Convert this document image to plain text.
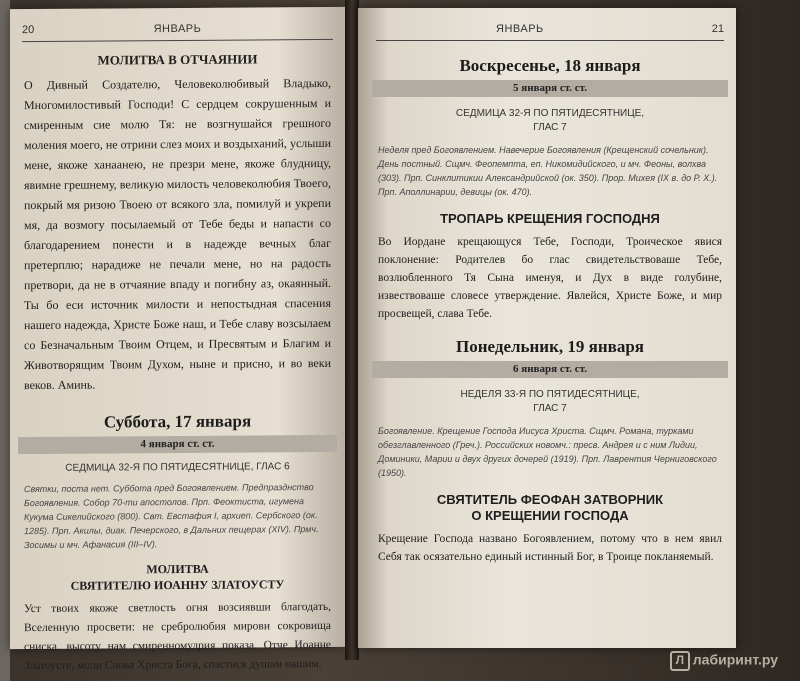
20	ЯНВАРЬ
МОЛИТВА В ОТЧАЯНИИ
О Дивный Создателю, Человеколюбивый Владыко, Многомилостивый Господи! С сердцем сокрушенным и смиренным сие молю Тя: не возгнушайся грешного моления моего, не отрини слез моих и воздыханий, услыши мене, якоже ханаанею, не презри мене, якоже блудницу, явимне грешнему, великую милость человеколюбия Твоего, покрый мя ризою Твоею от всякого зла, помилуй и укрепи мя, да возмогу посылаемый от Тебе беды и напасти со благодарением понести и в надежде вечных благ претерплю; нарадиже не печали мене, но на радость претвори, да не в отчаяние впаду и погибну аз, окаянный. Ты бо еси источник милости и непостыдная спасения нашего надежда, Христе Боже наш, и Тебе славу возсылаем со Безначальным Твоим Отцем, и Пресвятым и Благим и Животворящим Твоим Духом, ныне и присно, и во веки веков. Аминь.
Суббота, 17 января
4 января ст. ст.
СЕДМИЦА 32-Я ПО ПЯТИДЕСЯТНИЦЕ, ГЛАС 6
Святки, поста нет. Суббота пред Богоявлением. Предпразднство Богоявления. Собор 70-ти апостолов. Прп. Феоктиста, игумена Кукума Сикелийского (800). Свт. Евстафия I, архиеп. Сербского (ок. 1285). Прп. Акилы, диак. Печерского, в Дальних пещерах (XIV). Прмч. Зосимы и мч. Афанасия (III–IV).
МОЛИТВА
СВЯТИТЕЛЮ ИОАННУ ЗЛАТОУСТУ
Уст твоих якоже светлость огня возсиявши благодать, Вселенную просвети: не сребролюбия мирови сокровища сниска, высоту нам смиренномудрия показа. Отче Иоанне Златоусте, моли Слова Христа Бога, спастися душам нашим.
ЯНВАРЬ	21
Воскресенье, 18 января
5 января ст. ст.
СЕДМИЦА 32-Я ПО ПЯТИДЕСЯТНИЦЕ,
ГЛАС 7
Неделя пред Богоявлением. Навечерие Богоявления (Крещенский сочельник). День постный. Сщмч. Феопемпта, еп. Никомидийского, и мч. Феоны, волхва (303). Прп. Синклитикии Александрийской (ок. 350). Прор. Михея (IX в. до Р. Х.). Прп. Аполлинарии, девицы (ок. 470).
ТРОПАРЬ КРЕЩЕНИЯ ГОСПОДНЯ
Во Иордане крещающуся Тебе, Господи, Троическое явися поклонение: Родителев бо глас свидетельствоваше Тебе, возлюбленного Тя Сына именуя, и Дух в виде голубине, извествоваше словесе утверждение. Явлейся, Христе Боже, и мир просвещей, слава Тебе.
Понедельник, 19 января
6 января ст. ст.
НЕДЕЛЯ 33-Я ПО ПЯТИДЕСЯТНИЦЕ,
ГЛАС 7
Богоявление. Крещение Господа Иисуса Христа. Сщмч. Романа, турками обезглавленного (Греч.). Российских новомч.: пресв. Андрея и с ним Лидии, Доминики, Марии и двух других дочерей (1919). Прп. Лаврентия Черниговского (1950).
СВЯТИТЕЛЬ ФЕОФАН ЗАТВОРНИК
О КРЕЩЕНИИ ГОСПОДА
Крещение Господа названо Богоявлением, потому что в нем явил Себя так осязательно единый истинный Бог, в Троице покланяемый.
Л лабиринт.ру
